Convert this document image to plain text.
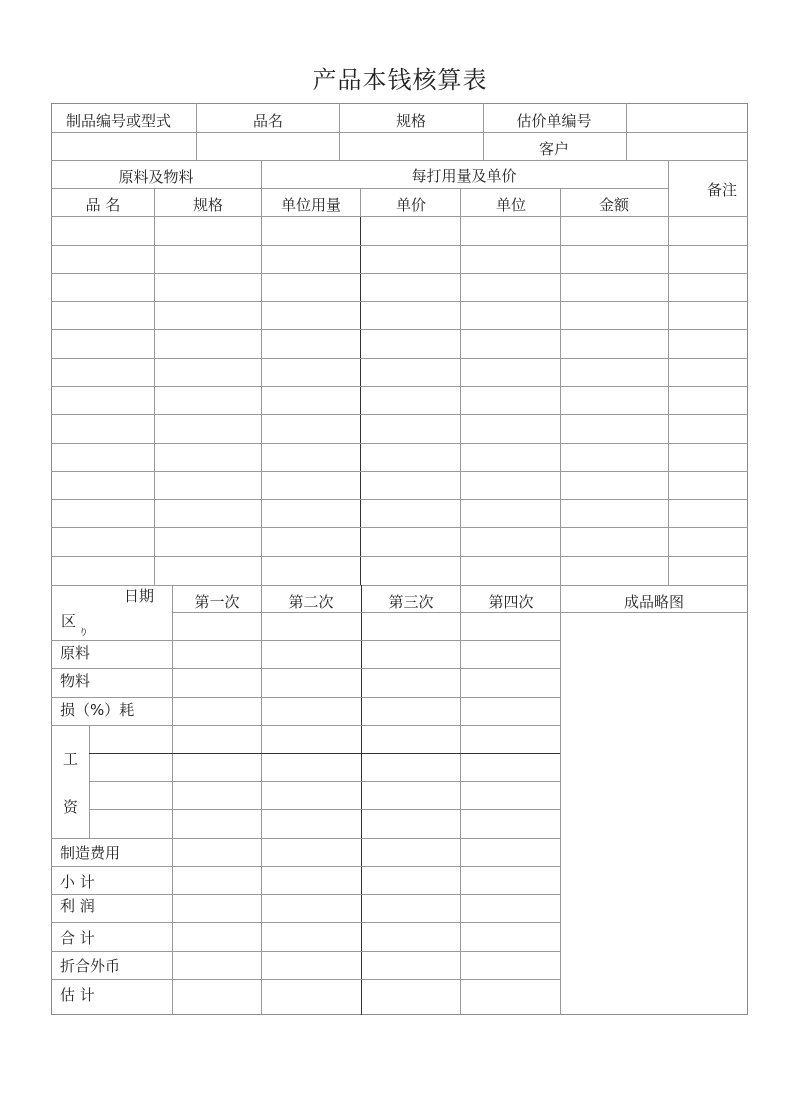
产品本钱核算表
制品编号或型式	品名	规格	估价单编号
客户
原料及物料	每打用量及单价
备注
品 名	规格	单位用量	单价	单位	金额
日期
区
り
第一次	第二次	第三次	第四次	成品略图
原料
物料
损（%）耗
工
资
制造费用
小 计
利 润
合 计
折合外币
估 计
